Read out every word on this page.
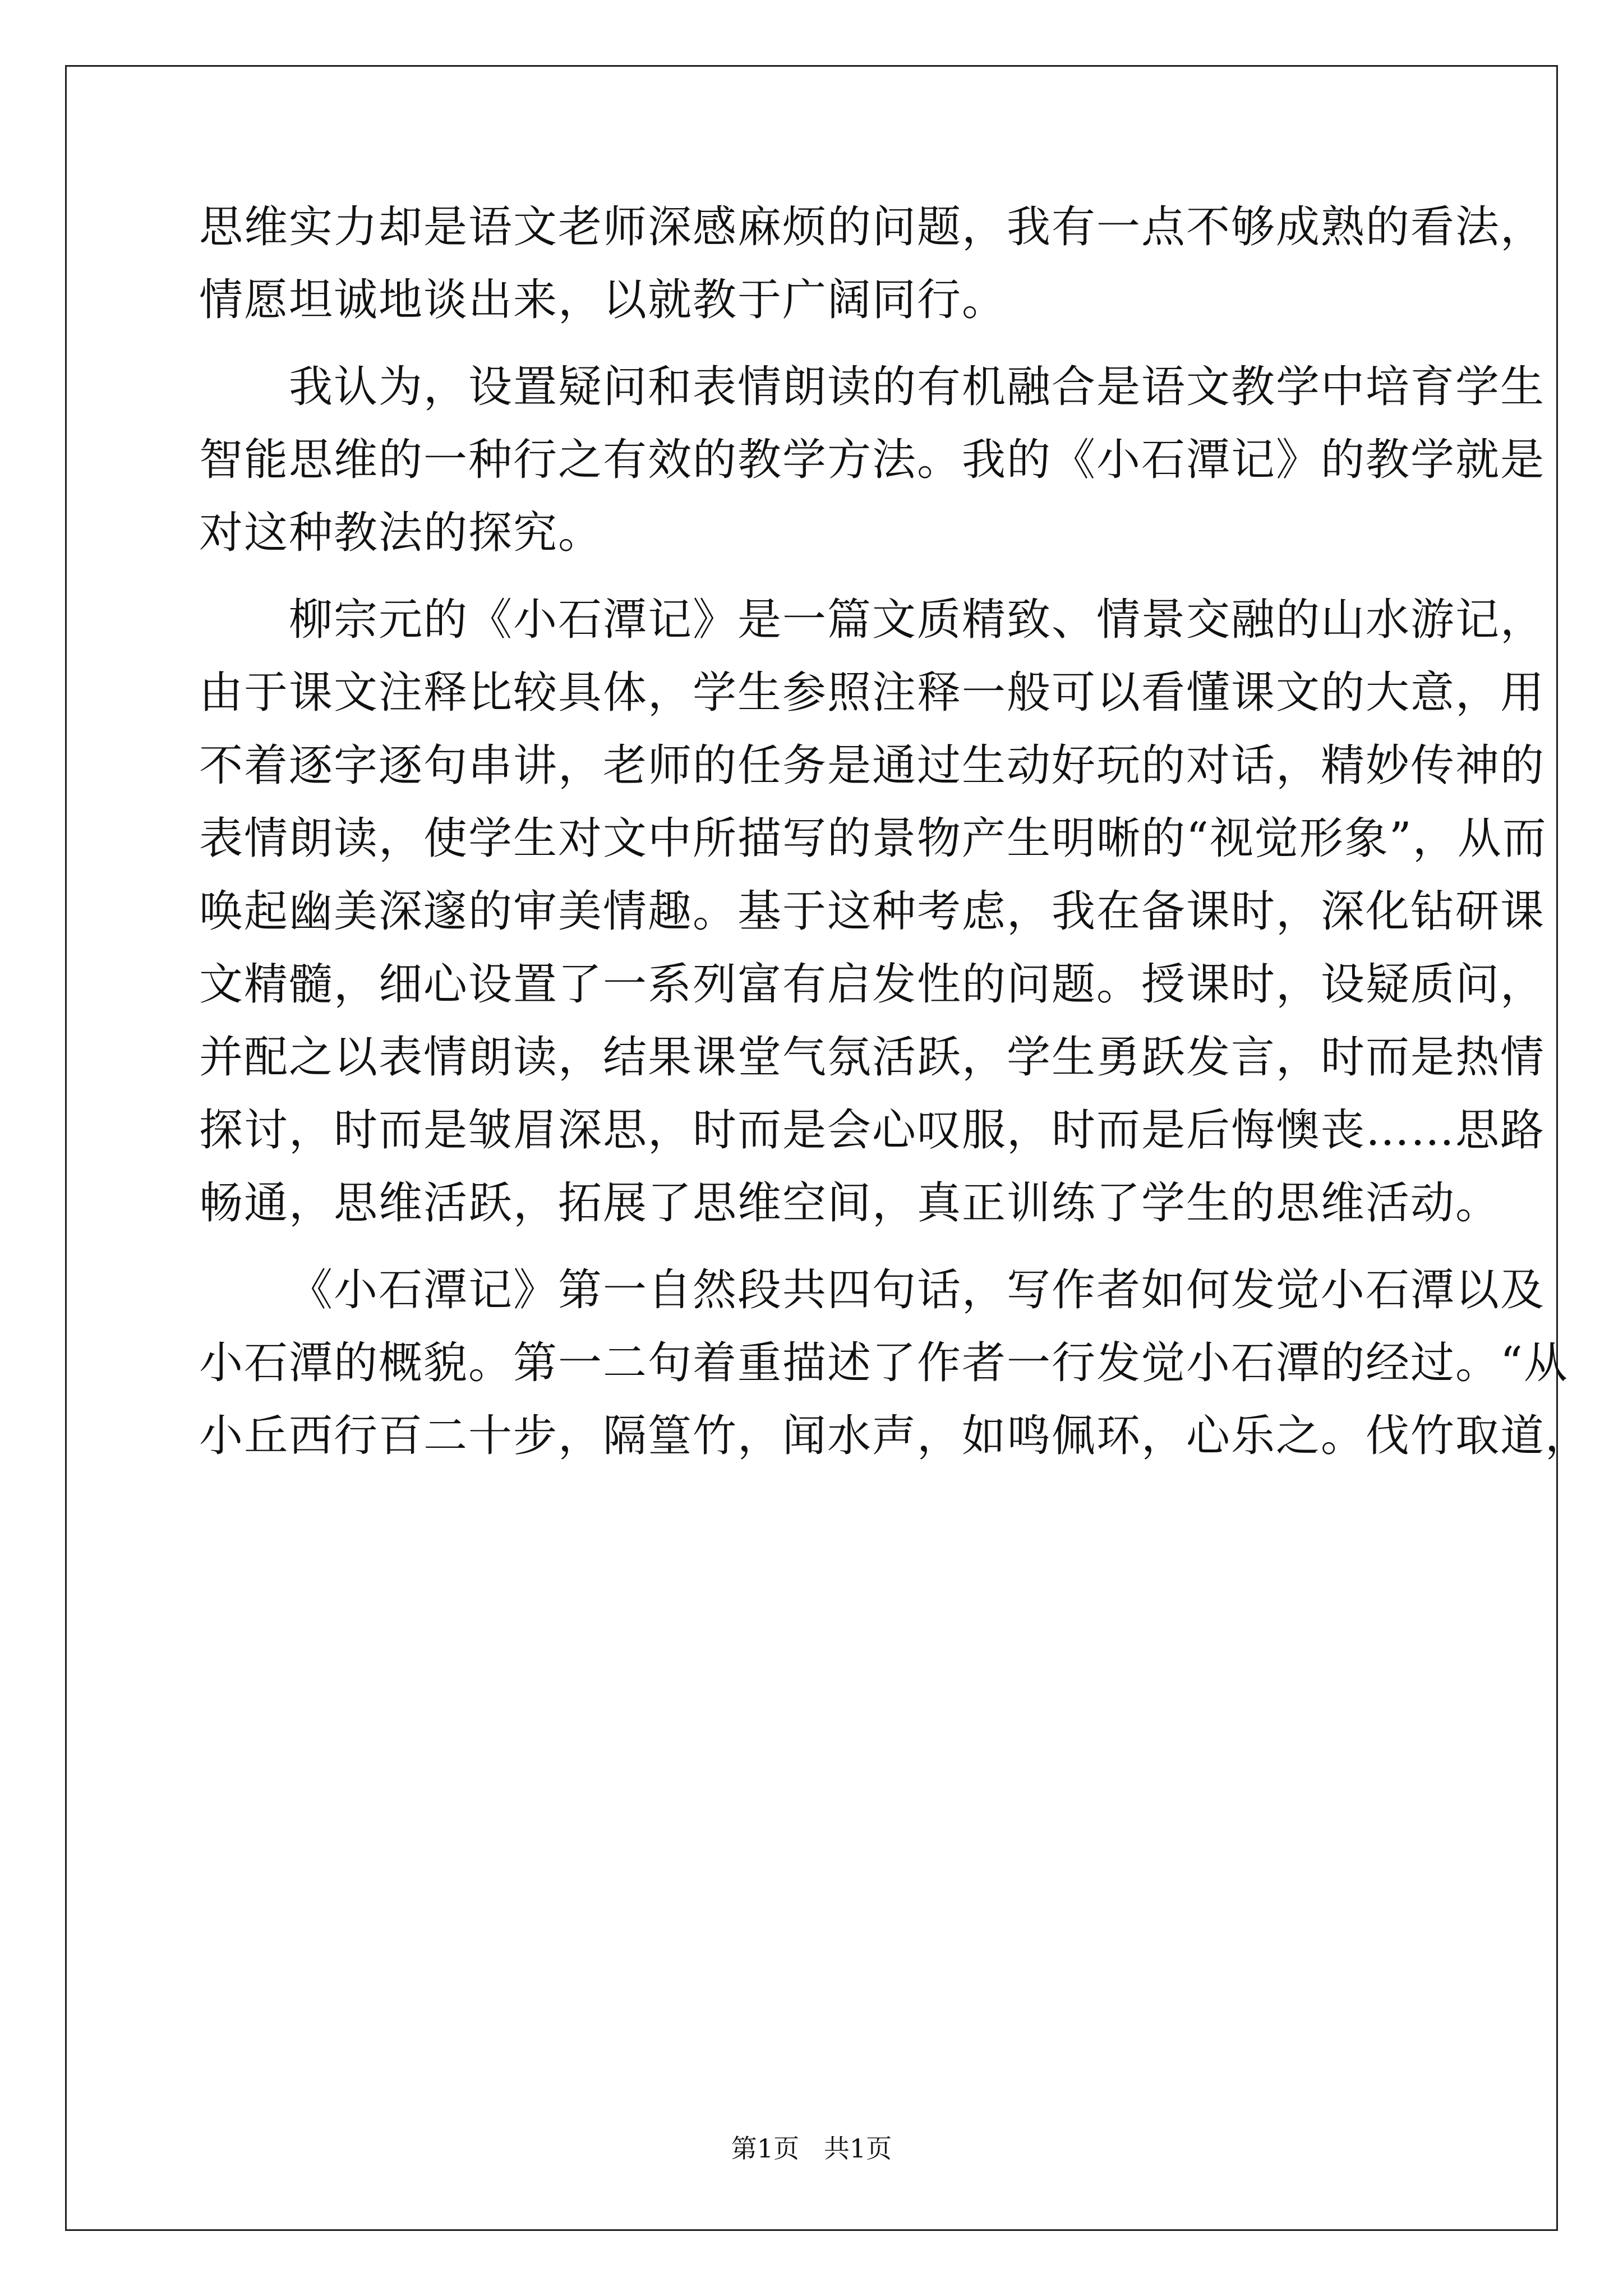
思维实力却是语文老师深感麻烦的问题，我有一点不够成熟的看法，
情愿坦诚地谈出来，以就教于广阔同行。
我认为，设置疑问和表情朗读的有机融合是语文教学中培育学生
智能思维的一种行之有效的教学方法。我的《小石潭记》的教学就是
对这种教法的探究。
柳宗元的《小石潭记》是一篇文质精致、情景交融的山水游记，
由于课文注释比较具体，学生参照注释一般可以看懂课文的大意，用
不着逐字逐句串讲，老师的任务是通过生动好玩的对话，精妙传神的
表情朗读，使学生对文中所描写的景物产生明晰的“视觉形象”，从而
唤起幽美深邃的审美情趣。基于这种考虑，我在备课时，深化钻研课
文精髓，细心设置了一系列富有启发性的问题。授课时，设疑质问，
并配之以表情朗读，结果课堂气氛活跃，学生勇跃发言，时而是热情
探讨，时而是皱眉深思，时而是会心叹服，时而是后悔懊丧……思路
畅通，思维活跃，拓展了思维空间，真正训练了学生的思维活动。
《小石潭记》第一自然段共四句话，写作者如何发觉小石潭以及
小石潭的概貌。第一二句着重描述了作者一行发觉小石潭的经过。“从
小丘西行百二十步，隔篁竹，闻水声，如鸣佩环，心乐之。伐竹取道，
第1页   共1页
